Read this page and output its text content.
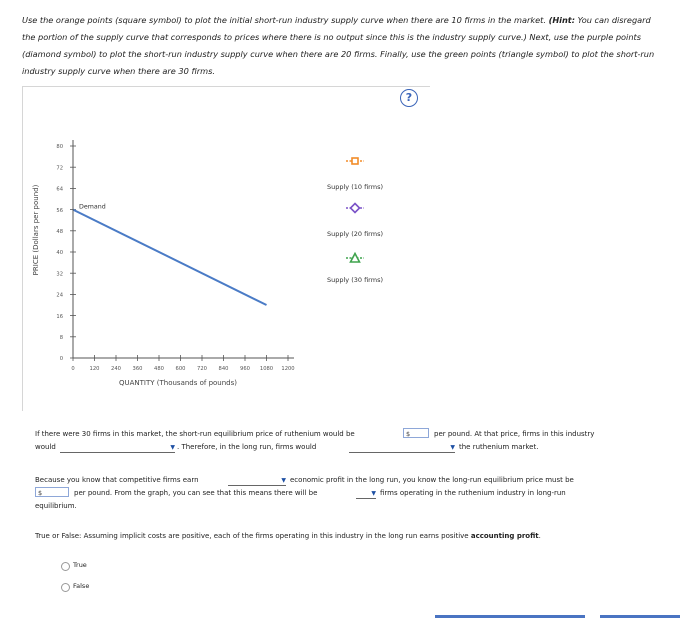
Use the orange points (square symbol) to plot the initial short-run industry supply curve when there are 10 firms in the market. (Hint: You can disregard the portion of the supply curve that corresponds to prices where there is no output since this is the industry supply curve.) Next, use the purple points (diamond symbol) to plot the short-run industry supply curve when there are 20 firms. Finally, use the green points (triangle symbol) to plot the short-run industry supply curve when there are 30 firms.
?
PRICE (Dollars per pound)
QUANTITY (Thousands of pounds)
0
8
16
24
32
40
48
56
64
72
80
0	120 240 360 480 600 720 840 960 1080 1200
Demand
Supply (10 firms)
Supply (20 firms)
Supply (30 firms)
If there were 30 firms in this market, the short-run equilibrium price of ruthenium would be	$	per pound. At that price, firms in this industry
would	▼ . Therefore, in the long run, firms would	▼ the ruthenium market.
Because you know that competitive firms earn	▼ economic profit in the long run, you know the long-run equilibrium price must be
$	per pound. From the graph, you can see that this means there will be	▼ firms operating in the ruthenium industry in long-run
equilibrium.
True or False: Assuming implicit costs are positive, each of the firms operating in this industry in the long run earns positive accounting profit.
True
False
